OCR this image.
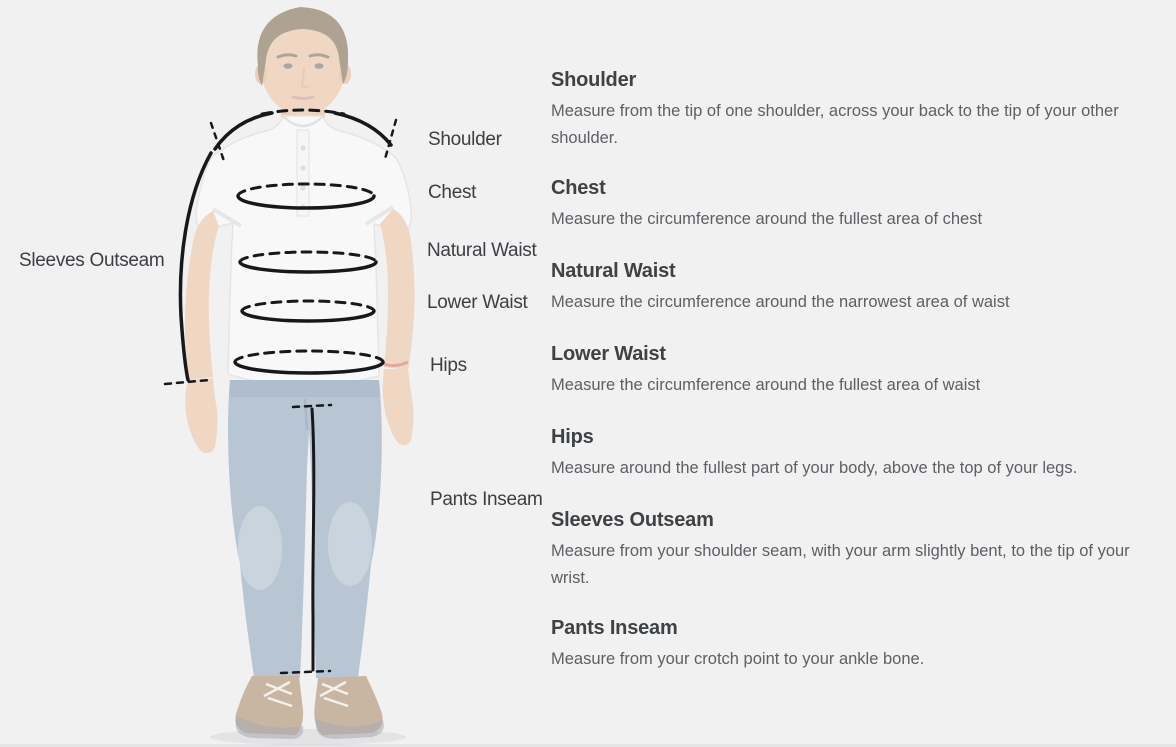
Sleeves Outseam
Shoulder
Chest
Natural Waist
Lower Waist
Hips
Pants Inseam
Shoulder

Measure from the tip of one shoulder, across your back to the tip of your other shoulder.

Chest

Measure the circumference around the fullest area of chest

Natural Waist

Measure the circumference around the narrowest area of waist

Lower Waist

Measure the circumference around the fullest area of waist

Hips

Measure around the fullest part of your body, above the top of your legs.

Sleeves Outseam

Measure from your shoulder seam, with your arm slightly bent, to the tip of your wrist.

Pants Inseam

Measure from your crotch point to your ankle bone.
